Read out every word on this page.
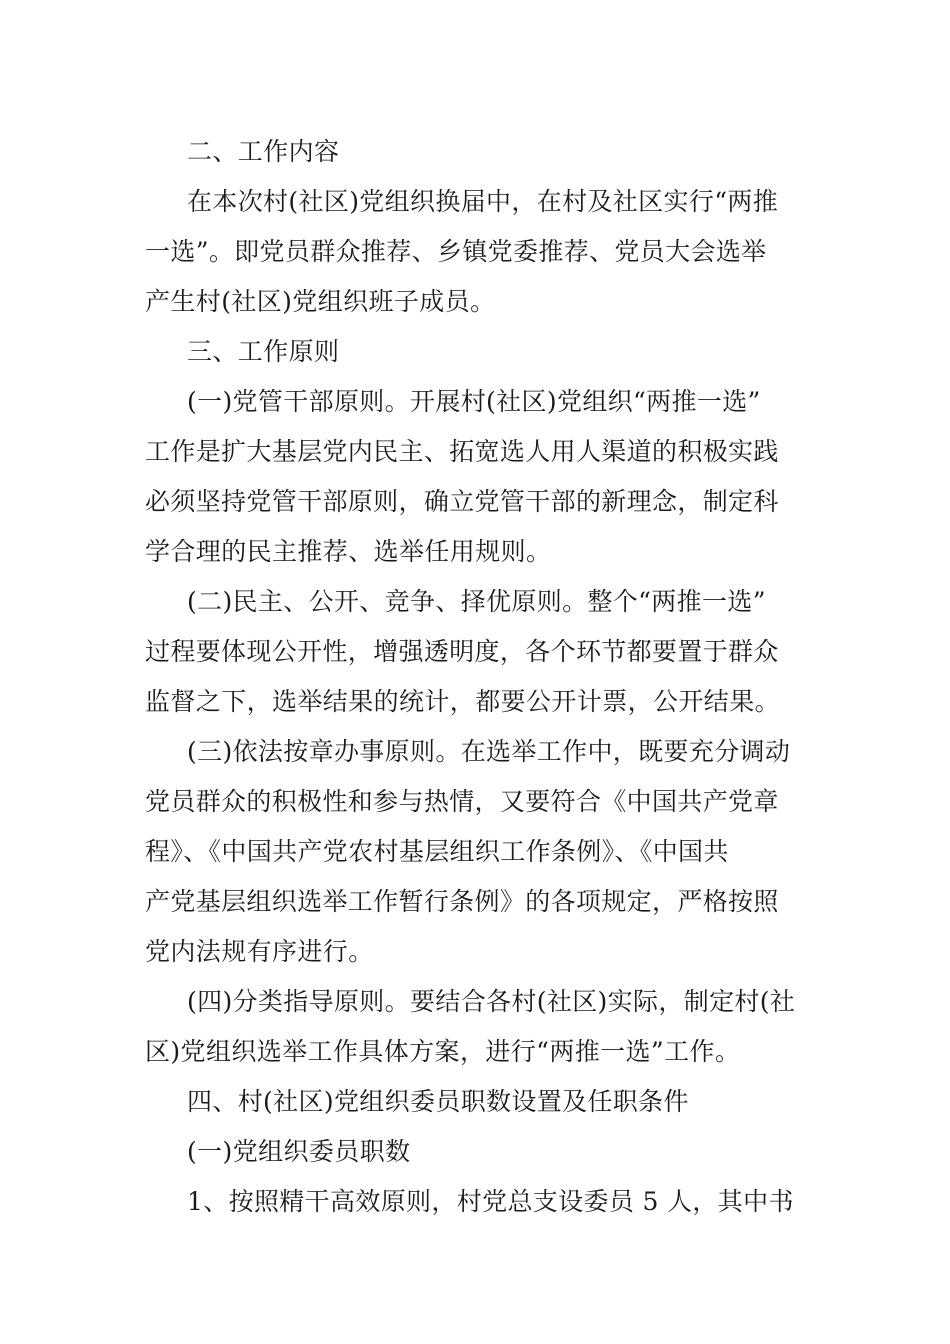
二、工作内容
在本次村(社区)党组织换届中，在村及社区实行“两推
一选”。即党员群众推荐、乡镇党委推荐、党员大会选举
产生村(社区)党组织班子成员。
三、工作原则
(一)党管干部原则。开展村(社区)党组织“两推一选”
工作是扩大基层党内民主、拓宽选人用人渠道的积极实践
必须坚持党管干部原则，确立党管干部的新理念，制定科
学合理的民主推荐、选举任用规则。
(二)民主、公开、竞争、择优原则。整个“两推一选”
过程要体现公开性，增强透明度，各个环节都要置于群众
监督之下，选举结果的统计，都要公开计票，公开结果。
(三)依法按章办事原则。在选举工作中，既要充分调动
党员群众的积极性和参与热情，又要符合《中国共产党章
程》、《中国共产党农村基层组织工作条例》、《中国共
产党基层组织选举工作暂行条例》的各项规定，严格按照
党内法规有序进行。
(四)分类指导原则。要结合各村(社区)实际，制定村(社
区)党组织选举工作具体方案，进行“两推一选”工作。
四、村(社区)党组织委员职数设置及任职条件
(一)党组织委员职数
1、按照精干高效原则，村党总支设委员 5 人，其中书
